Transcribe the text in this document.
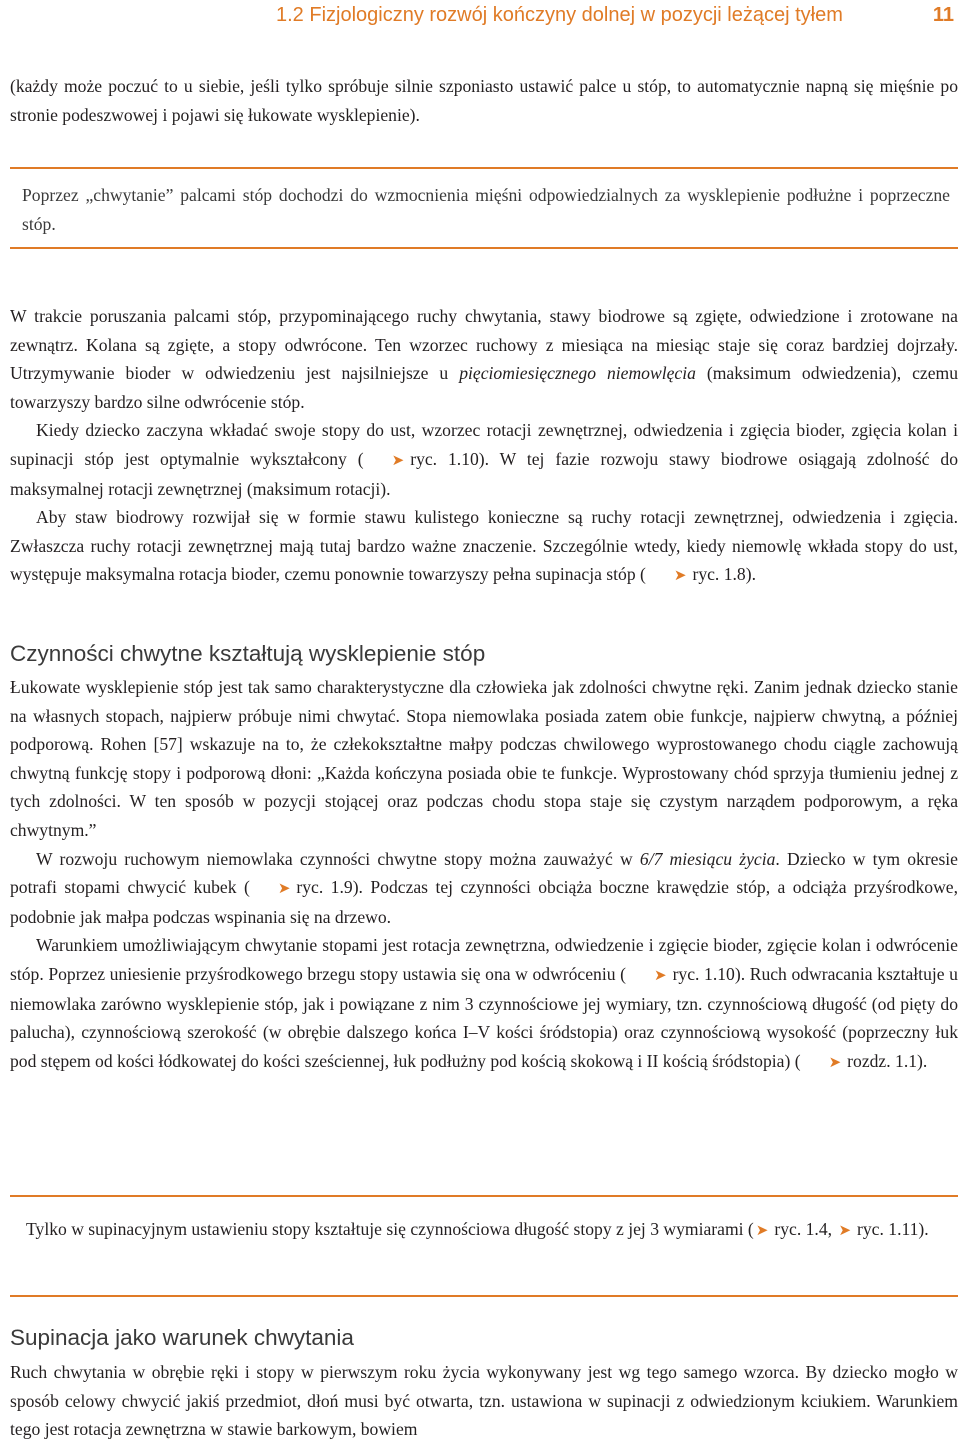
1.2 Fizjologiczny rozwój kończyny dolnej w pozycji leżącej tyłem	11

(każdy może poczuć to u siebie, jeśli tylko spróbuje silnie szponiasto ustawić palce u stóp, to automatycznie napną się mięśnie po stronie podeszwowej i pojawi się łukowate wysklepienie).

Poprzez „chwytanie” palcami stóp dochodzi do wzmocnienia mięśni odpowiedzialnych za wysklepienie podłużne i poprzeczne stóp.

W trakcie poruszania palcami stóp, przypominającego ruchy chwytania, stawy biodrowe są zgięte, odwiedzione i zrotowane na zewnątrz. Kolana są zgięte, a stopy odwrócone. Ten wzorzec ruchowy z miesiąca na miesiąc staje się coraz bardziej dojrzały. Utrzymywanie bioder w odwiedzeniu jest najsilniejsze u pięciomiesięcznego niemowlęcia (maksimum odwiedzenia), czemu towarzyszy bardzo silne odwrócenie stóp.

Kiedy dziecko zaczyna wkładać swoje stopy do ust, wzorzec rotacji zewnętrznej, odwiedzenia i zgięcia bioder, zgięcia kolan i supinacji stóp jest optymalnie wykształcony ( ➤ ryc. 1.10). W tej fazie rozwoju stawy biodrowe osiągają zdolność do maksymalnej rotacji zewnętrznej (maksimum rotacji).

Aby staw biodrowy rozwijał się w formie stawu kulistego konieczne są ruchy rotacji zewnętrznej, odwiedzenia i zgięcia. Zwłaszcza ruchy rotacji zewnętrznej mają tutaj bardzo ważne znaczenie. Szczególnie wtedy, kiedy niemowlę wkłada stopy do ust, występuje maksymalna rotacja bioder, czemu ponownie towarzyszy pełna supinacja stóp ( ➤ ryc. 1.8).

Czynności chwytne kształtują wysklepienie stóp

Łukowate wysklepienie stóp jest tak samo charakterystyczne dla człowieka jak zdolności chwytne ręki. Zanim jednak dziecko stanie na własnych stopach, najpierw próbuje nimi chwytać. Stopa niemowlaka posiada zatem obie funkcje, najpierw chwytną, a później podporową. Rohen [57] wskazuje na to, że człekokształtne małpy podczas chwilowego wyprostowanego chodu ciągle zachowują chwytną funkcję stopy i podporową dłoni: „Każda kończyna posiada obie te funkcje. Wyprostowany chód sprzyja tłumieniu jednej z tych zdolności. W ten sposób w pozycji stojącej oraz podczas chodu stopa staje się czystym narządem podporowym, a ręka chwytnym.”

W rozwoju ruchowym niemowlaka czynności chwytne stopy można zauważyć w 6/7 miesiącu życia. Dziecko w tym okresie potrafi stopami chwycić kubek ( ➤ ryc. 1.9). Podczas tej czynności obciąża boczne krawędzie stóp, a odciąża przyśrodkowe, podobnie jak małpa podczas wspinania się na drzewo.

Warunkiem umożliwiającym chwytanie stopami jest rotacja zewnętrzna, odwiedzenie i zgięcie bioder, zgięcie kolan i odwrócenie stóp. Poprzez uniesienie przyśrodkowego brzegu stopy ustawia się ona w odwróceniu ( ➤ ryc. 1.10). Ruch odwracania kształtuje u niemowlaka zarówno wysklepienie stóp, jak i powiązane z nim 3 czynnościowe jej wymiary, tzn. czynnościową długość (od pięty do palucha), czynnościową szerokość (w obrębie dalszego końca I–V kości śródstopia) oraz czynnościową wysokość (poprzeczny łuk pod stępem od kości łódkowatej do kości sześciennej, łuk podłużny pod kością skokową i II kością śródstopia) ( ➤ rozdz. 1.1).

Tylko w supinacyjnym ustawieniu stopy kształtuje się czynnościowa długość stopy z jej 3 wymiarami ( ➤ ryc. 1.4, ➤ ryc. 1.11).

Supinacja jako warunek chwytania

Ruch chwytania w obrębie ręki i stopy w pierwszym roku życia wykonywany jest wg tego samego wzorca. By dziecko mogło w sposób celowy chwycić jakiś przedmiot, dłoń musi być otwarta, tzn. ustawiona w supinacji z odwiedzionym kciukiem. Warunkiem tego jest rotacja zewnętrzna w stawie barkowym, bowiem
